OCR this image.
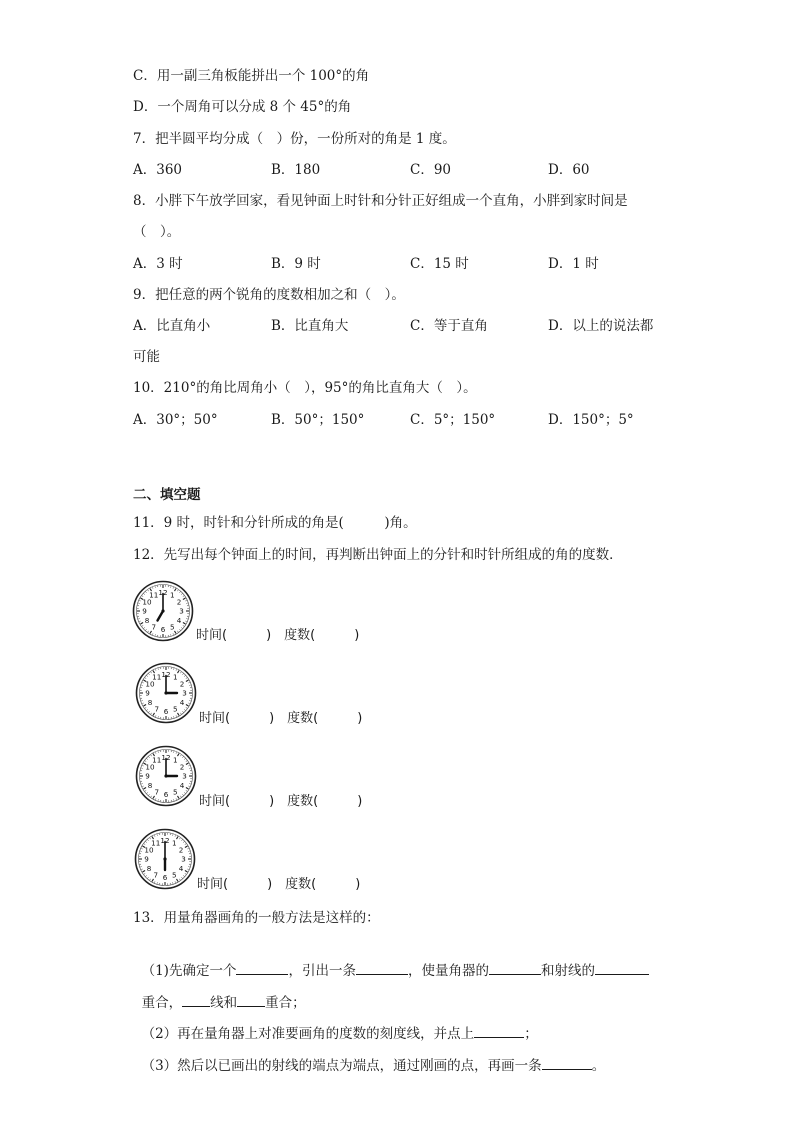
C．用一副三角板能拼出一个 100°的角
D．一个周角可以分成 8 个 45°的角
7．把半圆平均分成（　）份，一份所对的角是 1 度。
A．360	B．180	C．90	D．60
8．小胖下午放学回家，看见钟面上时针和分针正好组成一个直角，小胖到家时间是
（　）。
A．3 时	B．9 时	C．15 时	D．1 时
9．把任意的两个锐角的度数相加之和（　）。
A．比直角小	B．比直角大	C．等于直角	D．以上的说法都
可能
10．210°的角比周角小（　），95°的角比直角大（　）。
A．30°；50°	B．50°；150°	C．5°；150°	D．150°；5°
二、填空题
11．9 时，时针和分针所成的角是(　　　)角。
12．先写出每个钟面上的时间，再判断出钟面上的分针和时针所组成的角的度数．
1
2
3
4
5
6
7
8
9
10
11 12
时间(　　　)　度数(　　　)
1
2
3
4
5
6
7
8
9
10
11 12
时间(　　　)　度数(　　　)
1
2
3
4
5
6
7
8
9
10
11 12
时间(　　　)　度数(　　　)
1
2
3
4
5
6
7
8
9
10
11 12
时间(　　　)　度数(　　　)
13．用量角器画角的一般方法是这样的：

（1)先确定一个	，引出一条	，使量角器的	和射线的

重合， 线和 重合；

（2）再在量角器上对准要画角的度数的刻度线，并点上	；

（3）然后以已画出的射线的端点为端点，通过刚画的点，再画一条	。
